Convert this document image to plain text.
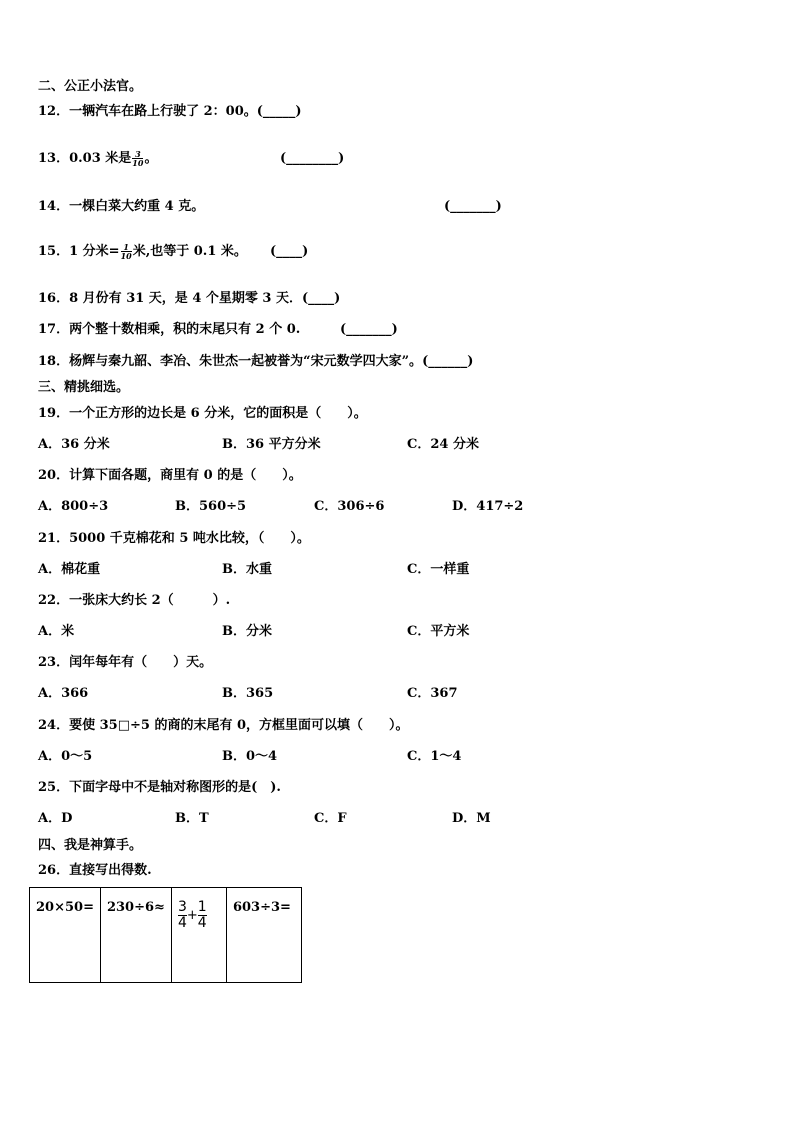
二、公正小法官。
12．一辆汽车在路上行驶了 2：00。(_____)
13．0.03 米是 $\frac{3}{10}$ 。	(________)
14．一棵白菜大约重 4 克。	(_______)
15．1 分米= $\frac{1}{10}$ 米,也等于 0.1 米。 (____)
16．8 月份有 31 天，是 4 个星期零 3 天．(____)
17．两个整十数相乘，积的末尾只有 2 个 0.	(_______)
18．杨辉与秦九韶、李冶、朱世杰一起被誉为“宋元数学四大家”。(______)
三、精挑细选。
19．一个正方形的边长是 6 分米，它的面积是（　　）。
A．36 分米	B．36 平方分米	C．24 分米
20．计算下面各题，商里有 0 的是（　　）。
A．800÷3	B．560÷5	C．306÷6	D．417÷2
21．5000 千克棉花和 5 吨水比较，（　　）。
A．棉花重	B．水重	C．一样重
22．一张床大约长 2（　　　）.
A．米	B．分米	C．平方米
23．闰年每年有（　　）天。
A．366	B．365	C．367
24．要使 35□÷5 的商的末尾有 0，方框里面可以填（　　）。
A．0～5	B．0～4	C．1～4
25．下面字母中不是轴对称图形的是(　).
A．D	B．T	C．F	D．M
四、我是神算手。
26．直接写出得数.
20×50=	230÷6≈	$\frac{3}{4} + \frac{1}{4}$	603÷3=
